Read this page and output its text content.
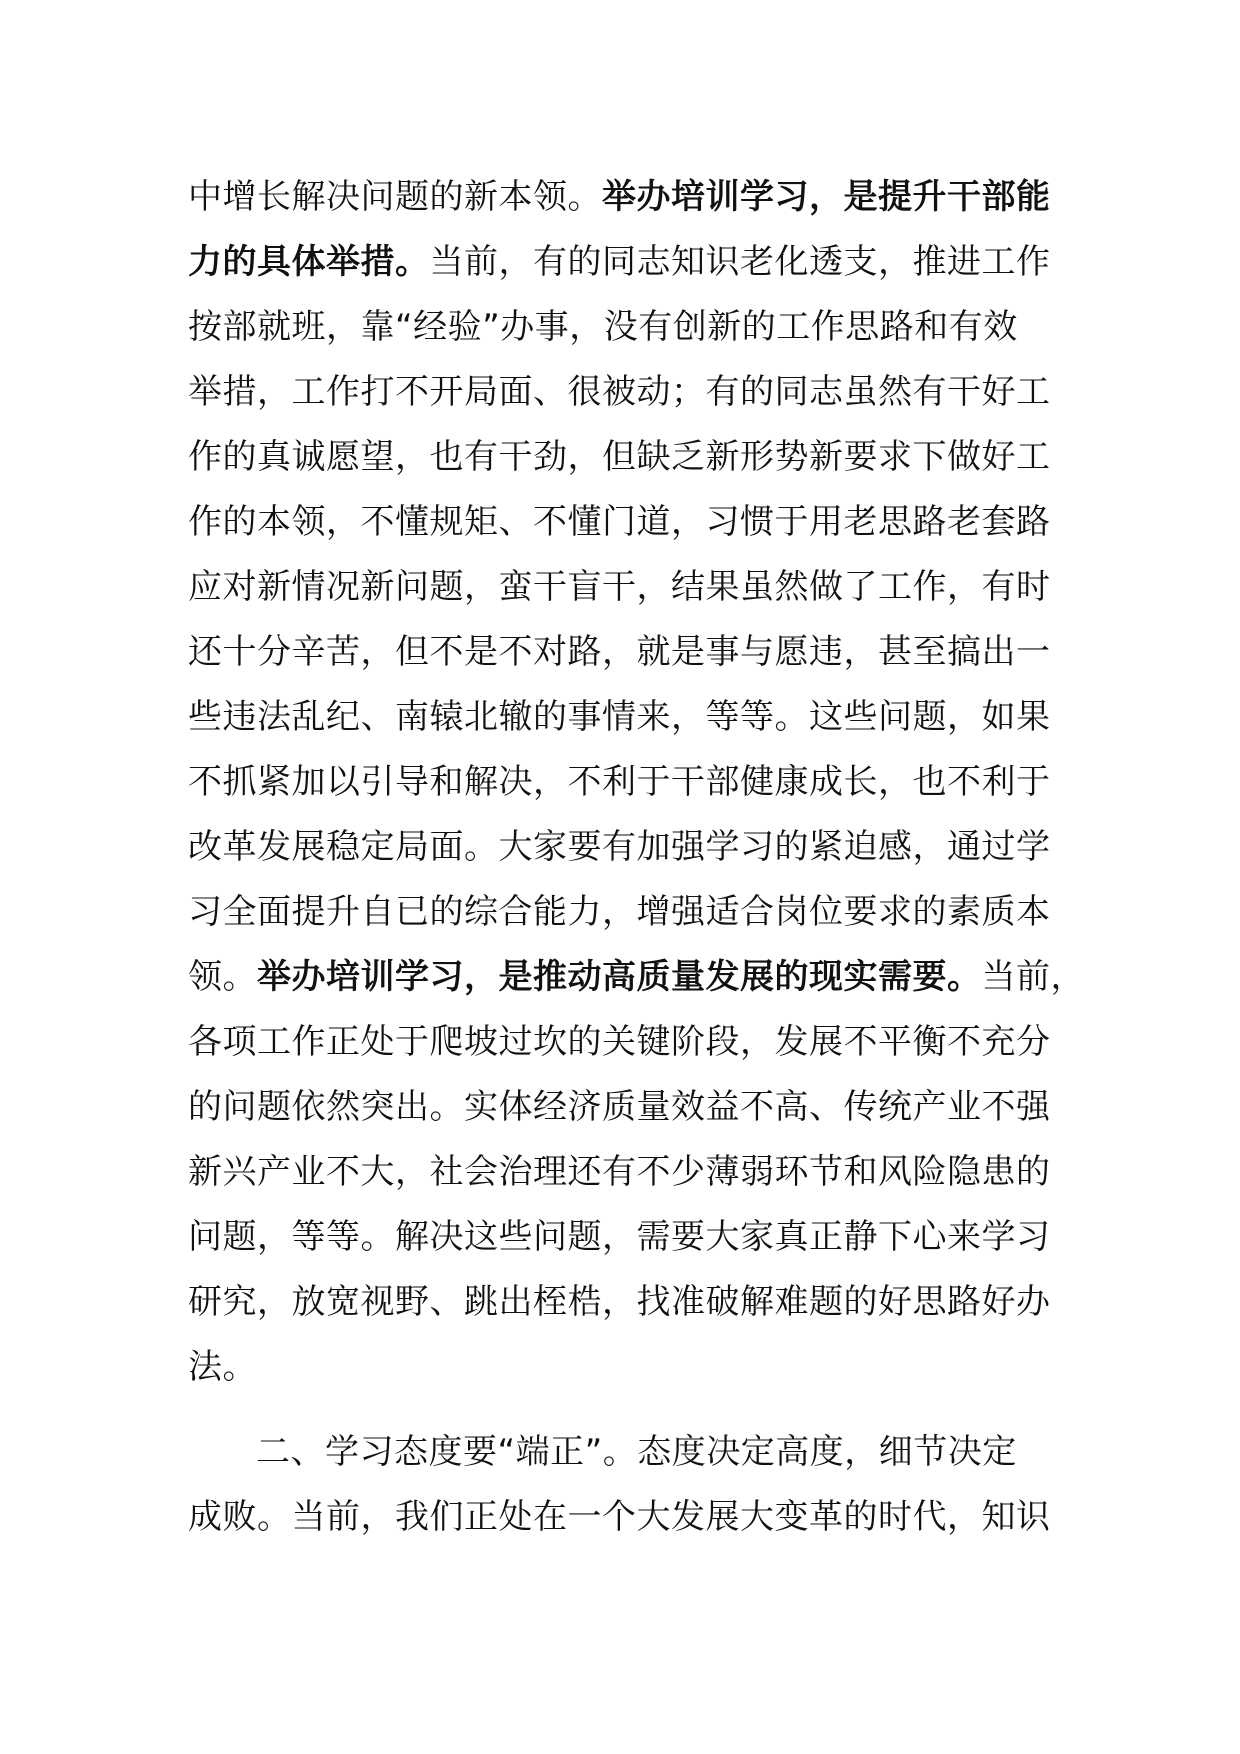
中增长解决问题的新本领。举办培训学习，是提升干部能
力的具体举措。当前，有的同志知识老化透支，推进工作
按部就班，靠“经验”办事，没有创新的工作思路和有效
举措，工作打不开局面、很被动；有的同志虽然有干好工
作的真诚愿望，也有干劲，但缺乏新形势新要求下做好工
作的本领，不懂规矩、不懂门道，习惯于用老思路老套路
应对新情况新问题，蛮干盲干，结果虽然做了工作，有时
还十分辛苦，但不是不对路，就是事与愿违，甚至搞出一
些违法乱纪、南辕北辙的事情来，等等。这些问题，如果
不抓紧加以引导和解决，不利于干部健康成长，也不利于
改革发展稳定局面。大家要有加强学习的紧迫感，通过学
习全面提升自已的综合能力，增强适合岗位要求的素质本
领。举办培训学习，是推动高质量发展的现实需要。当前，
各项工作正处于爬坡过坎的关键阶段，发展不平衡不充分
的问题依然突出。实体经济质量效益不高、传统产业不强
新兴产业不大，社会治理还有不少薄弱环节和风险隐患的
问题，等等。解决这些问题，需要大家真正静下心来学习
研究，放宽视野、跳出桎梏，找准破解难题的好思路好办
法。
二、学习态度要“端正”。态度决定高度，细节决定
成败。当前，我们正处在一个大发展大变革的时代，知识
